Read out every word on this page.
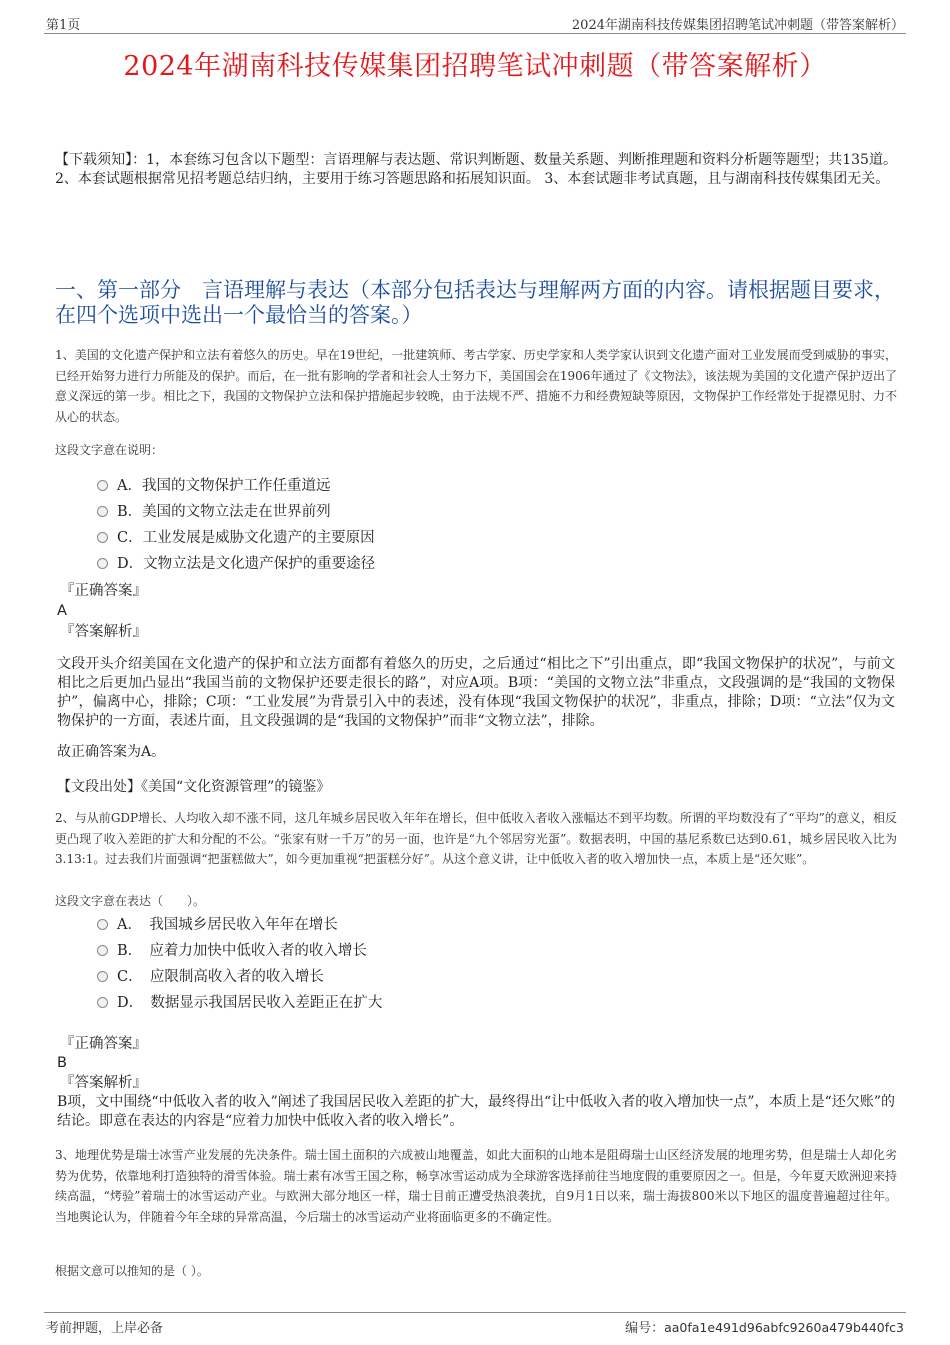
第1页	2024年湖南科技传媒集团招聘笔试冲刺题（带答案解析）
2024年湖南科技传媒集团招聘笔试冲刺题（带答案解析）
【下载须知】：1，本套练习包含以下题型：言语理解与表达题、常识判断题、数量关系题、判断推理题和资料分析题等题型；共135道。 2、本套试题根据常见招考题总结归纳，主要用于练习答题思路和拓展知识面。 3、本套试题非考试真题，且与湖南科技传媒集团无关。
一、第一部分　言语理解与表达（本部分包括表达与理解两方面的内容。请根据题目要求，在四个选项中选出一个最恰当的答案。）
1、美国的文化遗产保护和立法有着悠久的历史。早在19世纪，一批建筑师、考古学家、历史学家和人类学家认识到文化遗产面对工业发展而受到威胁的事实，已经开始努力进行力所能及的保护。而后，在一批有影响的学者和社会人士努力下，美国国会在1906年通过了《文物法》，该法规为美国的文化遗产保护迈出了意义深远的第一步。相比之下，我国的文物保护立法和保护措施起步较晚，由于法规不严、措施不力和经费短缺等原因，文物保护工作经常处于捉襟见肘、力不从心的状态。
这段文字意在说明：
A．我国的文物保护工作任重道远
B．美国的文物立法走在世界前列
C．工业发展是威胁文化遗产的主要原因
D．文物立法是文化遗产保护的重要途径
『正确答案』
A
『答案解析』
文段开头介绍美国在文化遗产的保护和立法方面都有着悠久的历史，之后通过“相比之下”引出重点，即“我国文物保护的状况”，与前文相比之后更加凸显出“我国当前的文物保护还要走很长的路”，对应A项。B项：“美国的文物立法”非重点，文段强调的是“我国的文物保护”，偏离中心，排除；C项：“工业发展”为背景引入中的表述，没有体现“我国文物保护的状况”，非重点，排除；D项：“立法”仅为文物保护的一方面，表述片面，且文段强调的是“我国的文物保护”而非“文物立法”，排除。
故正确答案为A。
【文段出处】《美国“文化资源管理”的镜鉴》
2、与从前GDP增长、人均收入却不涨不同，这几年城乡居民收入年年在增长，但中低收入者收入涨幅达不到平均数。所谓的平均数没有了“平均”的意义，相反更凸现了收入差距的扩大和分配的不公。“张家有财一千万”的另一面，也许是“九个邻居穷光蛋”。数据表明，中国的基尼系数已达到0.61，城乡居民收入比为3.13:1。过去我们片面强调“把蛋糕做大”，如今更加重视“把蛋糕分好”。从这个意义讲，让中低收入者的收入增加快一点，本质上是“还欠账”。
这段文字意在表达（　　）。
A．　我国城乡居民收入年年在增长
B．　应着力加快中低收入者的收入增长
C．　应限制高收入者的收入增长
D．　数据显示我国居民收入差距正在扩大
『正确答案』
B
『答案解析』
B项，文中围绕“中低收入者的收入”阐述了我国居民收入差距的扩大，最终得出“让中低收入者的收入增加快一点”，本质上是“还欠账”的结论。即意在表达的内容是“应着力加快中低收入者的收入增长”。
3、地理优势是瑞士冰雪产业发展的先决条件。瑞士国土面积的六成被山地覆盖，如此大面积的山地本是阻碍瑞士山区经济发展的地理劣势，但是瑞士人却化劣势为优势，依靠地利打造独特的滑雪体验。瑞士素有冰雪王国之称，畅享冰雪运动成为全球游客选择前往当地度假的重要原因之一。但是，今年夏天欧洲迎来持续高温，“烤验”着瑞士的冰雪运动产业。与欧洲大部分地区一样，瑞士目前正遭受热浪袭扰，自9月1日以来，瑞士海拔800米以下地区的温度普遍超过往年。当地舆论认为，伴随着今年全球的异常高温，今后瑞士的冰雪运动产业将面临更多的不确定性。
根据文意可以推知的是（ ）。
考前押题，上岸必备	编号：aa0fa1e491d96abfc9260a479b440fc3
